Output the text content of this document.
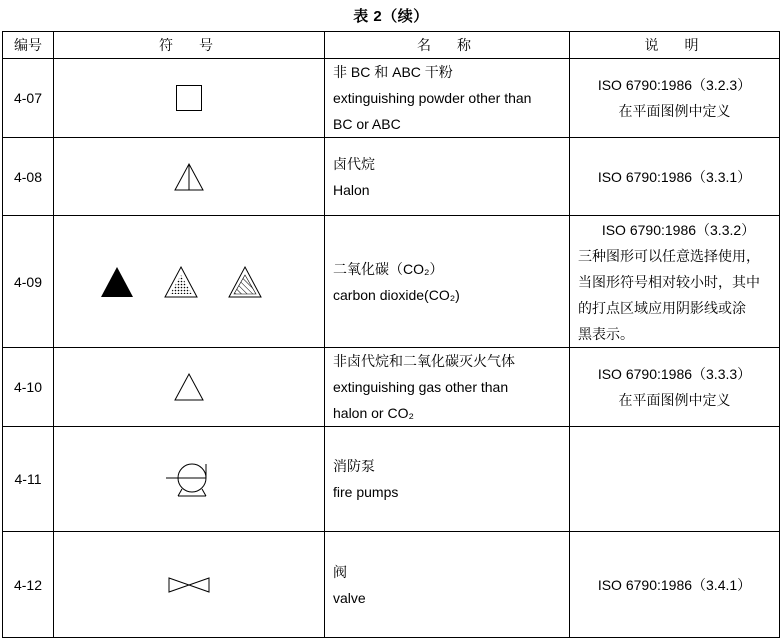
表 2（续）
编号	符　号	名　称	说　明
4-07		非 BC 和 ABC 干粉
extinguishing powder other than
BC or ABC	ISO 6790:1986（3.2.3）
在平面图例中定义

4-08		卤代烷
Halon	ISO 6790:1986（3.3.1）

4-09		二氧化碳（CO₂）
carbon dioxide(CO₂)	ISO 6790:1986（3.3.2）
三种图形可以任意选择使用，
当图形符号相对较小时，其中
的打点区域应用阴影线或涂
黑表示。

4-10		非卤代烷和二氧化碳灭火气体
extinguishing gas other than
halon or CO₂	ISO 6790:1986（3.3.3）
在平面图例中定义

4-11		消防泵
fire pumps	

4-12		阀
valve	ISO 6790:1986（3.4.1）
